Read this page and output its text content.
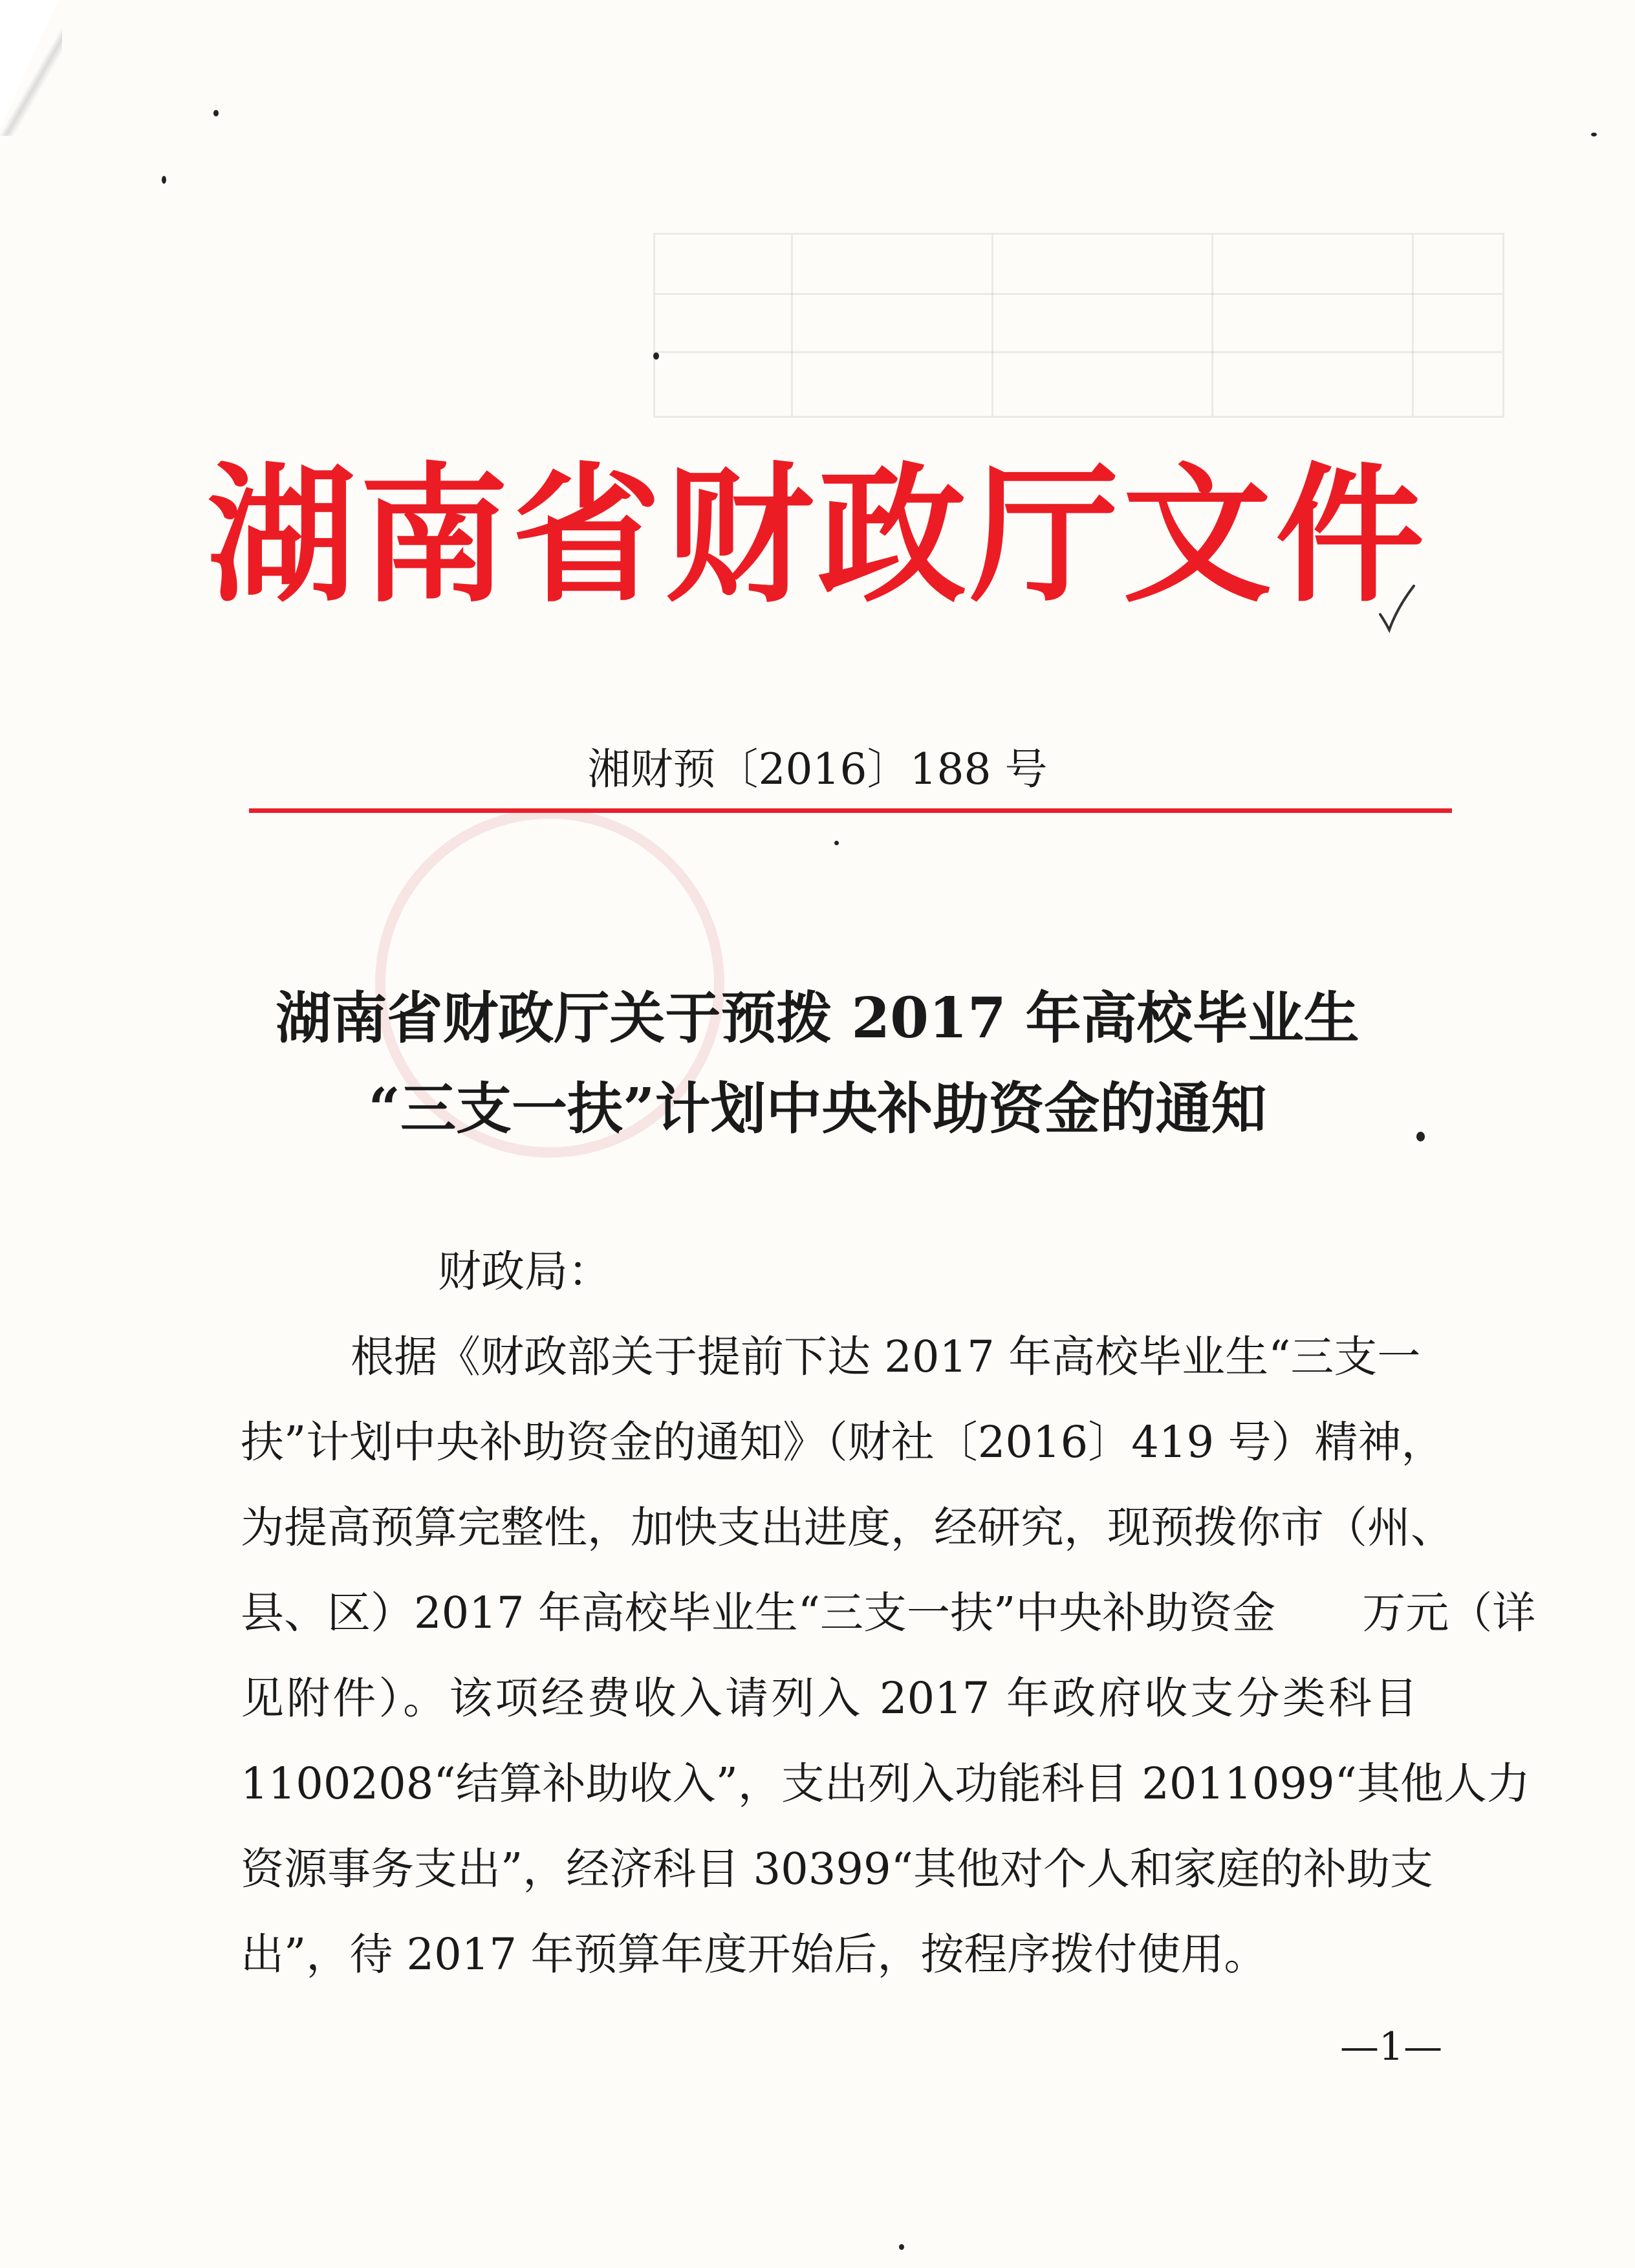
湖南省财政厅文件
湘财预〔2016〕188 号
湖南省财政厅关于预拨 2017 年高校毕业生
“三支一扶”计划中央补助资金的通知
财政局：

根据《财政部关于提前下达 2017 年高校毕业生“三支一

扶”计划中央补助资金的通知》（财社〔2016〕419 号）精神，

为提高预算完整性，加快支出进度，经研究，现预拨你市（州、

县、区）2017 年高校毕业生“三支一扶”中央补助资金　　万元（详

见附件）。该项经费收入请列入 2017 年政府收支分类科目

1100208“结算补助收入”，支出列入功能科目 2011099“其他人力

资源事务支出”，经济科目 30399“其他对个人和家庭的补助支

出”，待 2017 年预算年度开始后，按程序拨付使用。

—1—
